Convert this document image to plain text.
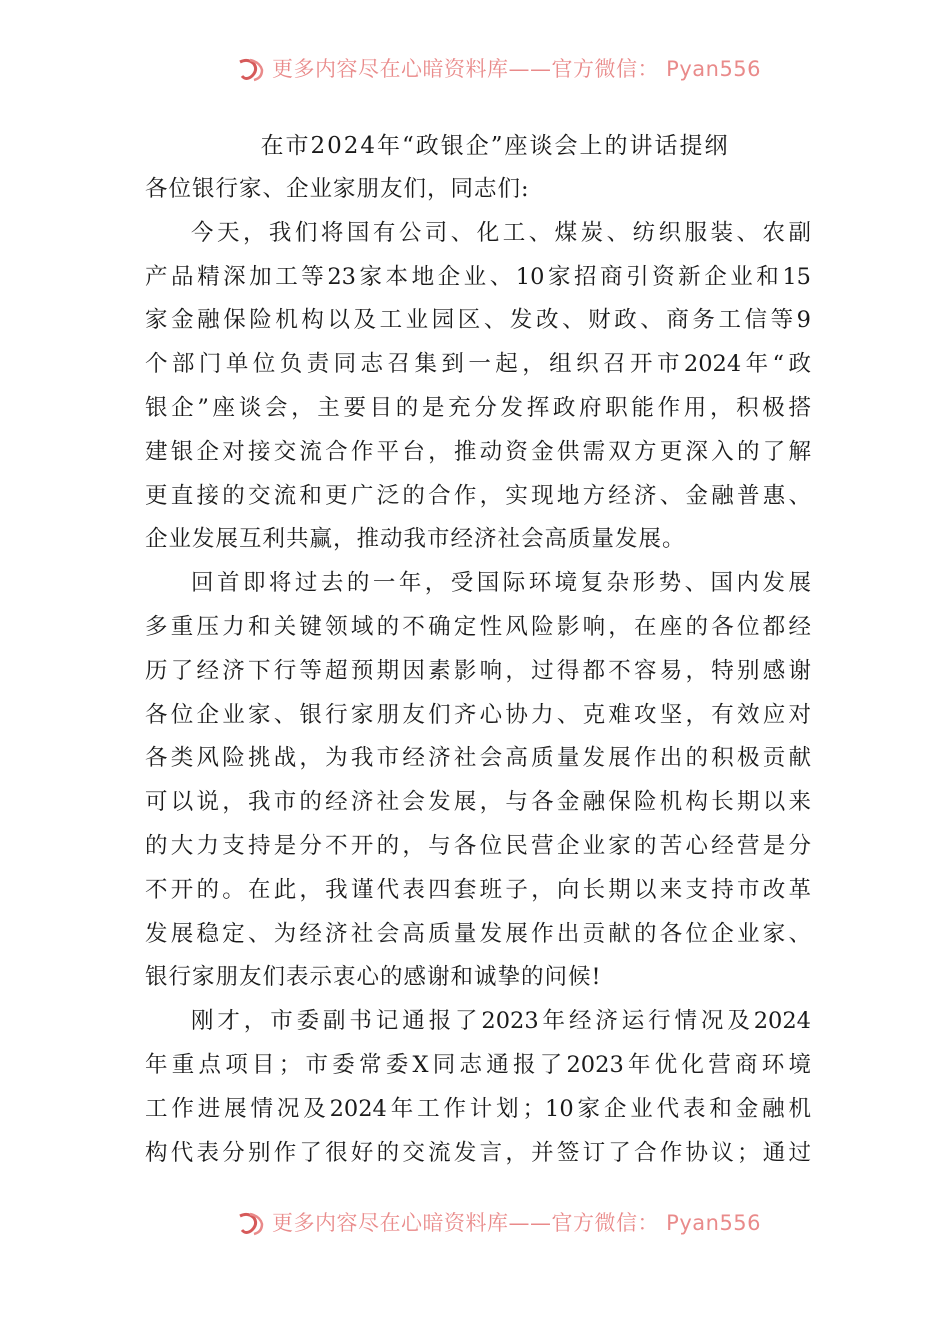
更多内容尽在心暗资料库——官方微信： Pyan556
在市2024年“政银企”座谈会上的讲话提纲
各位银行家、企业家朋友们，同志们:
今天，我们将国有公司、化工、煤炭、纺织服装、农副
产品精深加工等23家本地企业、10家招商引资新企业和15
家金融保险机构以及工业园区、发改、财政、商务工信等9
个部门单位负责同志召集到一起，组织召开市2024年“政
银企”座谈会，主要目的是充分发挥政府职能作用，积极搭
建银企对接交流合作平台，推动资金供需双方更深入的了解
更直接的交流和更广泛的合作，实现地方经济、金融普惠、
企业发展互利共赢，推动我市经济社会高质量发展。
回首即将过去的一年，受国际环境复杂形势、国内发展
多重压力和关键领域的不确定性风险影响，在座的各位都经
历了经济下行等超预期因素影响，过得都不容易，特别感谢
各位企业家、银行家朋友们齐心协力、克难攻坚，有效应对
各类风险挑战，为我市经济社会高质量发展作出的积极贡献
可以说，我市的经济社会发展，与各金融保险机构长期以来
的大力支持是分不开的，与各位民营企业家的苦心经营是分
不开的。在此，我谨代表四套班子，向长期以来支持市改革
发展稳定、为经济社会高质量发展作出贡献的各位企业家、
银行家朋友们表示衷心的感谢和诚挚的问候!
刚才，市委副书记通报了2023年经济运行情况及2024
年重点项目；市委常委X同志通报了2023年优化营商环境
工作进展情况及2024年工作计划；10家企业代表和金融机
构代表分别作了很好的交流发言，并签订了合作协议；通过
更多内容尽在心暗资料库——官方微信： Pyan556
